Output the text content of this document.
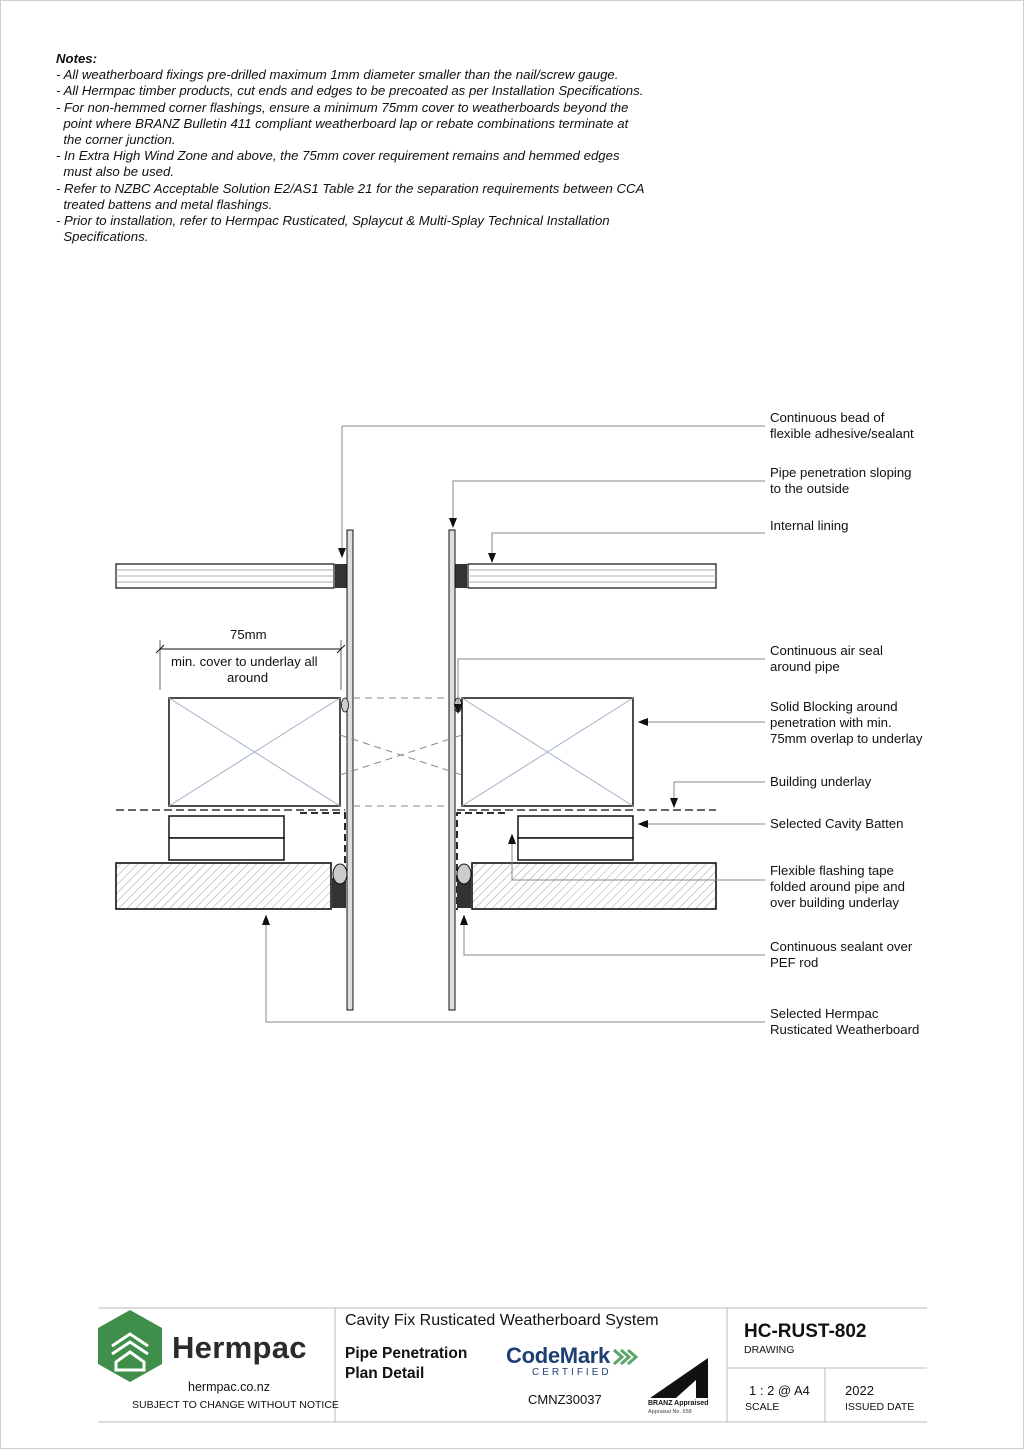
Notes:
- All weatherboard fixings pre-drilled maximum 1mm diameter smaller than the nail/screw gauge.
- All Hermpac timber products, cut ends and edges to be precoated as per Installation Specifications.
- For non-hemmed corner flashings, ensure a minimum 75mm cover to weatherboards beyond the
point where BRANZ Bulletin 411 compliant weatherboard lap or rebate combinations terminate at
the corner junction.
- In Extra High Wind Zone and above, the 75mm cover requirement remains and hemmed edges
must also be used.
- Refer to NZBC Acceptable Solution E2/AS1 Table 21 for the separation requirements between CCA
treated battens and metal flashings.
- Prior to installation, refer to Hermpac Rusticated, Splaycut & Multi-Splay Technical Installation
Specifications.
75mm
min. cover to underlay all
around
Continuous bead of
flexible adhesive/sealant
Pipe penetration sloping
to the outside
Internal lining
Continuous air seal
around pipe
Solid Blocking around
penetration with min.
75mm overlap to underlay
Building underlay
Selected Cavity Batten
Flexible flashing tape
folded around pipe and
over building underlay
Continuous sealant over
PEF rod
Selected Hermpac
Rusticated Weatherboard
Hermpac
hermpac.co.nz
SUBJECT TO CHANGE WITHOUT NOTICE
Cavity Fix Rusticated Weatherboard System
Pipe Penetration
Plan Detail
CodeMark
CERTIFIED
CMNZ30037	BRANZ Appraised
Appraisal No. 658
HC-RUST-802
DRAWING
1 : 2 @ A4
SCALE
2022
ISSUED DATE
